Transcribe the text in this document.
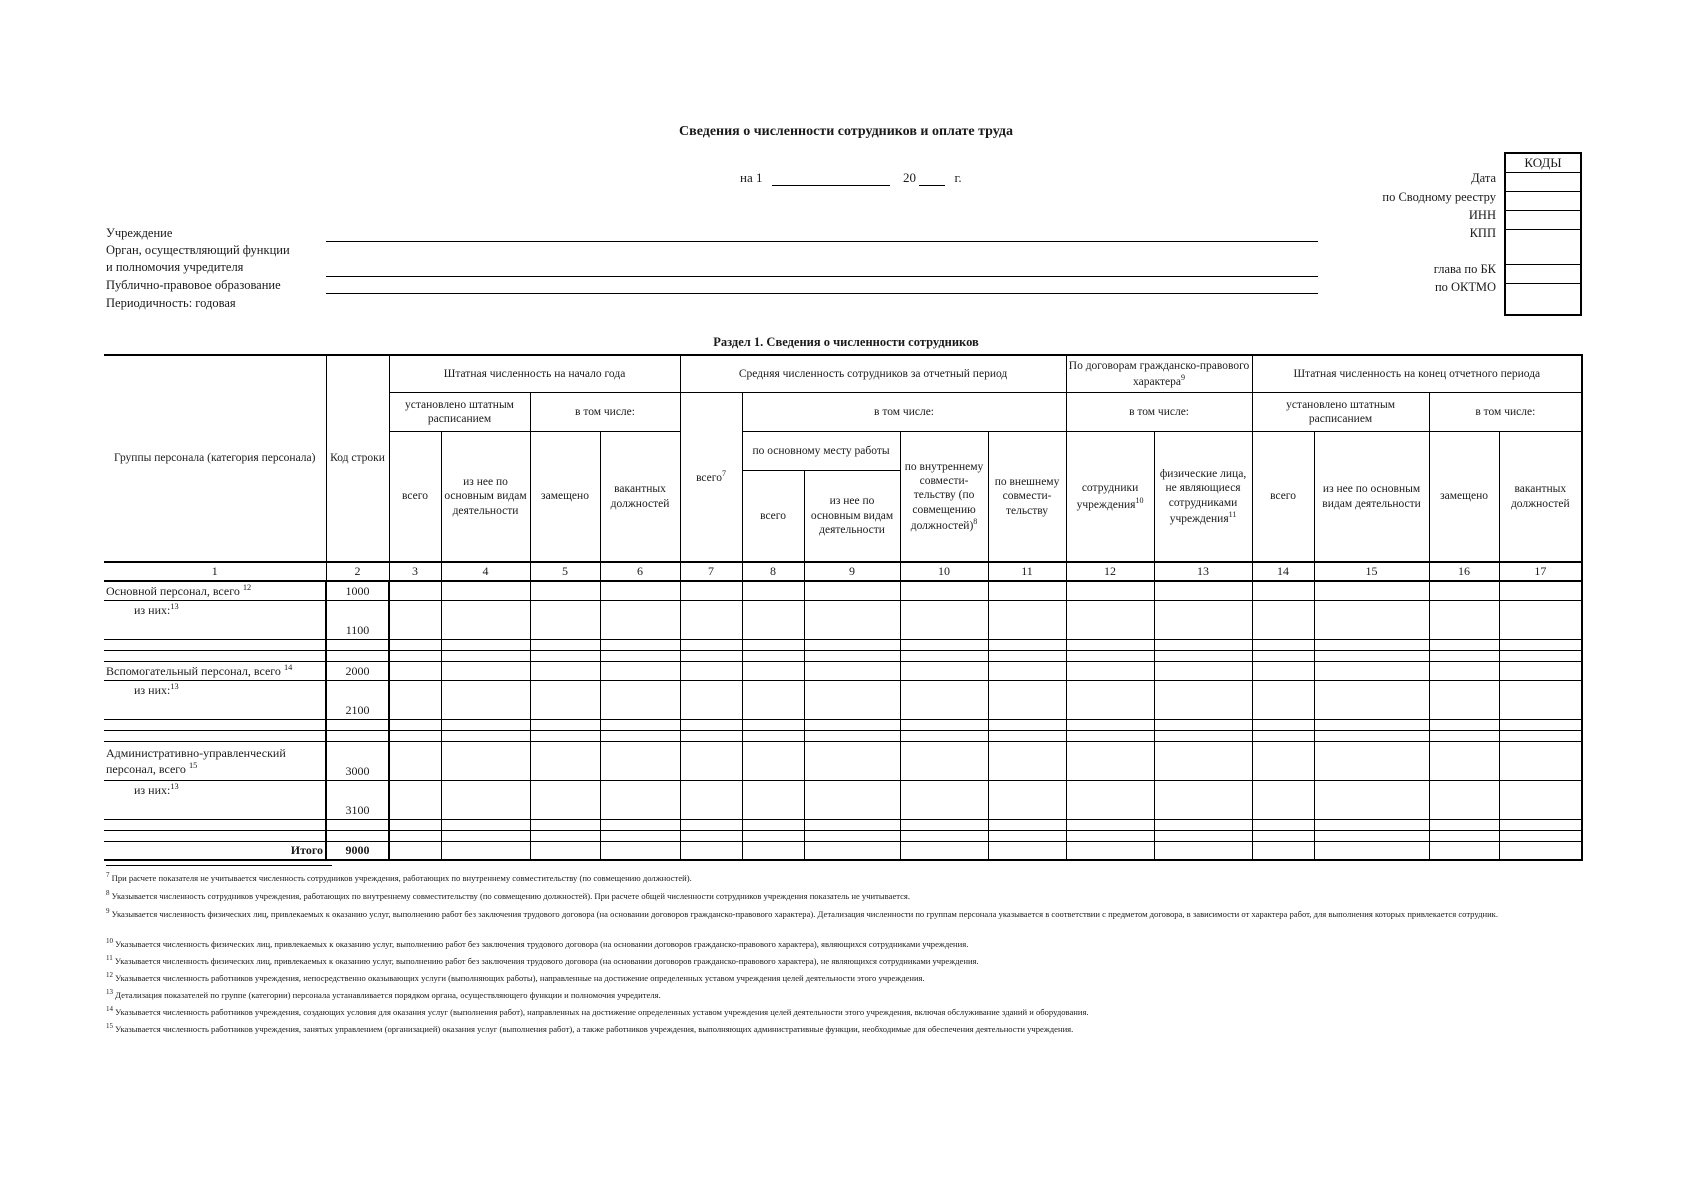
Сведения о численности сотрудников и оплате труда
на 1	20	г.	Дата
по Сводному реестру
ИНН
КПП
глава по БК
по ОКТМО
КОДЫ
Учреждение
Орган, осуществляющий функции
и полномочия учредителя
Публично-правовое образование
Периодичность: годовая
Раздел 1. Сведения о численности сотрудников
Группы персонала (категория персонала)	Код строки	Штатная численность на начало года				Средняя численность сотрудников за отчетный период					По договорам гражданско-правового характера$^9$		Штатная численность на конец отчетного периода			
		установлено штатным расписанием		в том числе:		всего$^7$	в том числе:				в том числе:		установлено штатным расписанием		в том числе:	
		всего	из нее по основным видам деятельности	замещено	вакантных должностей		по основному месту работы		по внутреннему совмести-тельству (по совмещению должностей)$^8$	по внешнему совмести-тельству	сотрудники учреждения$^{10}$	физические лица, не являющиеся сотрудниками учреждения$^{11}$	всего	из нее по основным видам деятельности	замещено	вакантных должностей
							всего	из нее по основным видам деятельности								
1	2	3	4	5	6	7	8	9	10	11	12	13	14	15	16	17
Основной персонал, всего $^{12}$	1000															
из них:$^{13}$	1100															

Вспомогательный персонал, всего $^{14}$	2000															
из них:$^{13}$	2100															

Административно-управленческий персонал, всего $^{15}$	3000															
из них:$^{13}$	3100															

Итого	9000															
$^7$ При расчете показателя не учитывается численность сотрудников учреждения, работающих по внутреннему совместительству (по совмещению должностей).
$^8$ Указывается численность сотрудников учреждения, работающих по внутреннему совместительству (по совмещению должностей). При расчете общей численности сотрудников учреждения показатель не учитывается.
$^9$ Указывается численность физических лиц, привлекаемых к оказанию услуг, выполнению работ без заключения трудового договора (на основании договоров гражданско-правового характера). Детализация численности по группам персонала указывается в соответствии с предметом договора, в зависимости от характера работ, для выполнения которых привлекается сотрудник.
$^{10}$ Указывается численность физических лиц, привлекаемых к оказанию услуг, выполнению работ без заключения трудового договора (на основании договоров гражданско-правового характера), являющихся сотрудниками учреждения.
$^{11}$ Указывается численность физических лиц, привлекаемых к оказанию услуг, выполнению работ без заключения трудового договора (на основании договоров гражданско-правового характера), не являющихся сотрудниками учреждения.
$^{12}$ Указывается численность работников учреждения, непосредственно оказывающих услуги (выполняющих работы), направленные на достижение определенных уставом учреждения целей деятельности этого учреждения.
$^{13}$ Детализация показателей по группе (категории) персонала устанавливается порядком органа, осуществляющего функции и полномочия учредителя.
$^{14}$ Указывается численность работников учреждения, создающих условия для оказания услуг (выполнения работ), направленных на достижение определенных уставом учреждения целей деятельности этого учреждения, включая обслуживание зданий и оборудования.
$^{15}$ Указывается численность работников учреждения, занятых управлением (организацией) оказания услуг (выполнения работ), а также работников учреждения, выполняющих административные функции, необходимые для обеспечения деятельности учреждения.
